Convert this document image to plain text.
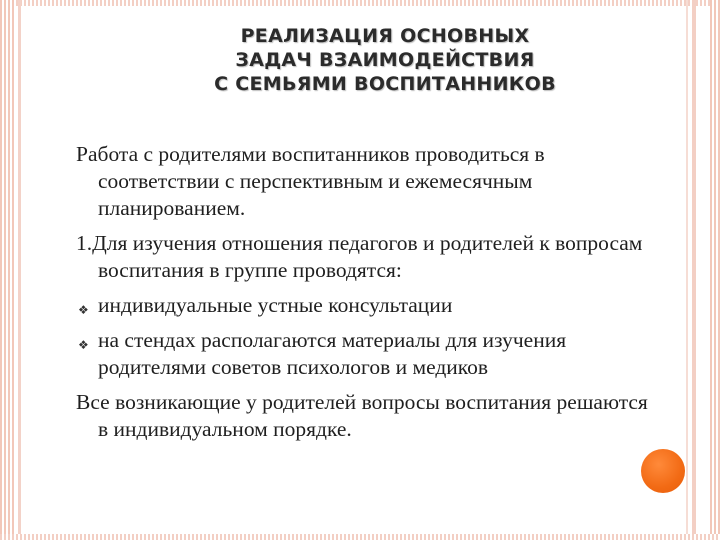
РЕАЛИЗАЦИЯ ОСНОВНЫХ
ЗАДАЧ ВЗАИМОДЕЙСТВИЯ
С СЕМЬЯМИ ВОСПИТАННИКОВ

Работа с родителями воспитанников проводиться в соответствии с перспективным и ежемесячным планированием.

1.Для изучения отношения педагогов и родителей к вопросам воспитания в группе проводятся:

❖ индивидуальные устные консультации
❖ на стендах располагаются материалы для изучения родителями советов психологов и медиков

Все возникающие у родителей вопросы воспитания решаются в индивидуальном порядке.
